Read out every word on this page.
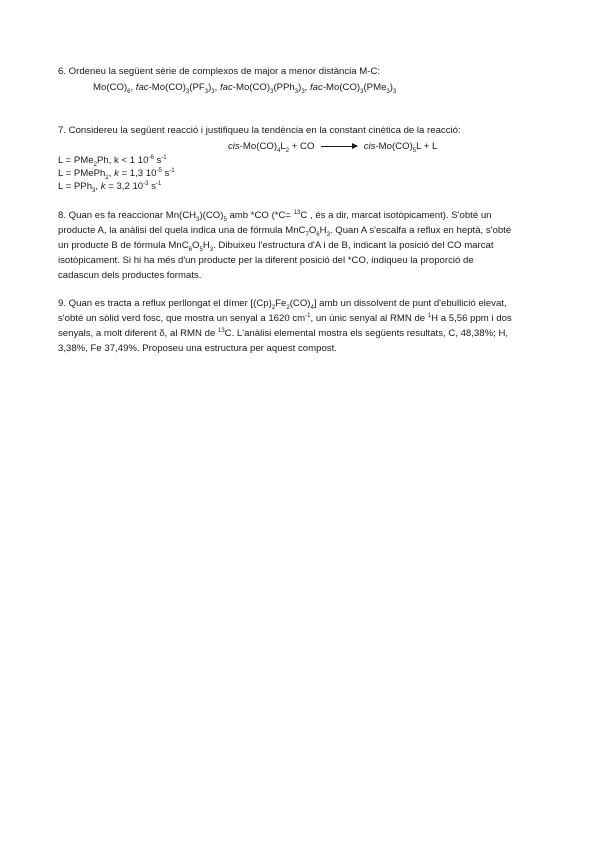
6. Ordeneu la següent sèrie de complexos de major a menor distància M-C:
$Mo(CO)_6$, fac-$Mo(CO)_3(PF_3)_3$, fac-$Mo(CO)_3(PPh_3)_3$, fac-$Mo(CO)_3(PMe_3)_3$
7. Considereu la següent reacció i justifiqueu la tendència en la constant cinètica de la reacció:
cis-$Mo(CO)_4L_2$ + CO → cis-$Mo(CO)_5L + L$
L = PMe$_2$Ph, k < 1 $10^{-6}$ $s^{-1}$
L = PMePh$_2$, k = 1,3 $10^{-5}$ $s^{-1}$
L = PPh$_3$, k = 3,2 $10^{-3}$ $s^{-1}$
8. Quan es fa reaccionar $Mn(CH_3)(CO)_5$ amb *CO (*C= $^{13}$C , és a dir, marcat isotòpicament). S'obté un
producte A, la anàlisi del quela indica una de fórmula $MnC_7O_6H_3$. Quan A s'escalfa a reflux en heptà, s'obté
un producte B de fórmula $MnC_6O_5H_3$. Dibuixeu l'estructura d'A i de B, indicant la posició del CO marcat
isotòpicament. Si hi ha més d'un producte per la diferent posició del *CO, indiqueu la proporció de
cadascun dels productes formats.
9. Quan es tracta a reflux perllongat el dímer $[(Cp)_2Fe_2(CO)_4]$ amb un dissolvent de punt d'ebullició elevat,
s'obté un sòlid verd fosc, que mostra un senyal a 1620 $cm^{-1}$, un únic senyal al RMN de $^1$H a 5,56 ppm i dos
senyals, a molt diferent δ, al RMN de $^{13}$C. L'anàlisi elemental mostra els següents resultats, C, 48,38%; H,
3,38%, Fe 37,49%. Proposeu una estructura per aquest compost.
